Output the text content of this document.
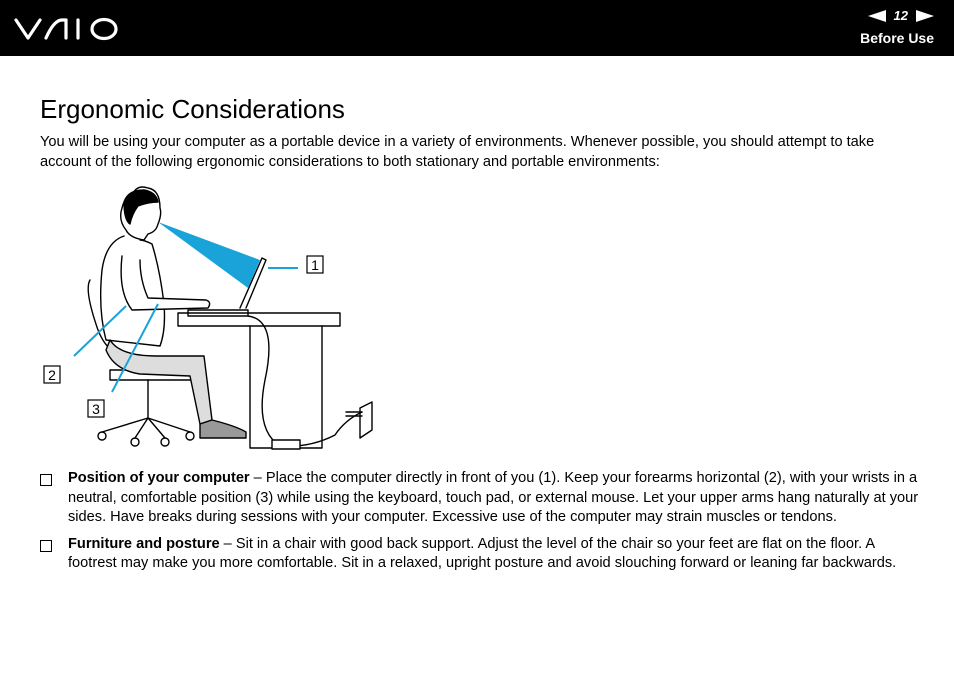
12
Before Use
Ergonomic Considerations

You will be using your computer as a portable device in a variety of environments. Whenever possible, you should attempt to take account of the following ergonomic considerations to both stationary and portable environments:

1
2
3
Position of your computer – Place the computer directly in front of you (1). Keep your forearms horizontal (2), with your wrists in a neutral, comfortable position (3) while using the keyboard, touch pad, or external mouse. Let your upper arms hang naturally at your sides. Have breaks during sessions with your computer. Excessive use of the computer may strain muscles or tendons.
Furniture and posture – Sit in a chair with good back support. Adjust the level of the chair so your feet are flat on the floor. A footrest may make you more comfortable. Sit in a relaxed, upright posture and avoid slouching forward or leaning far backwards.
